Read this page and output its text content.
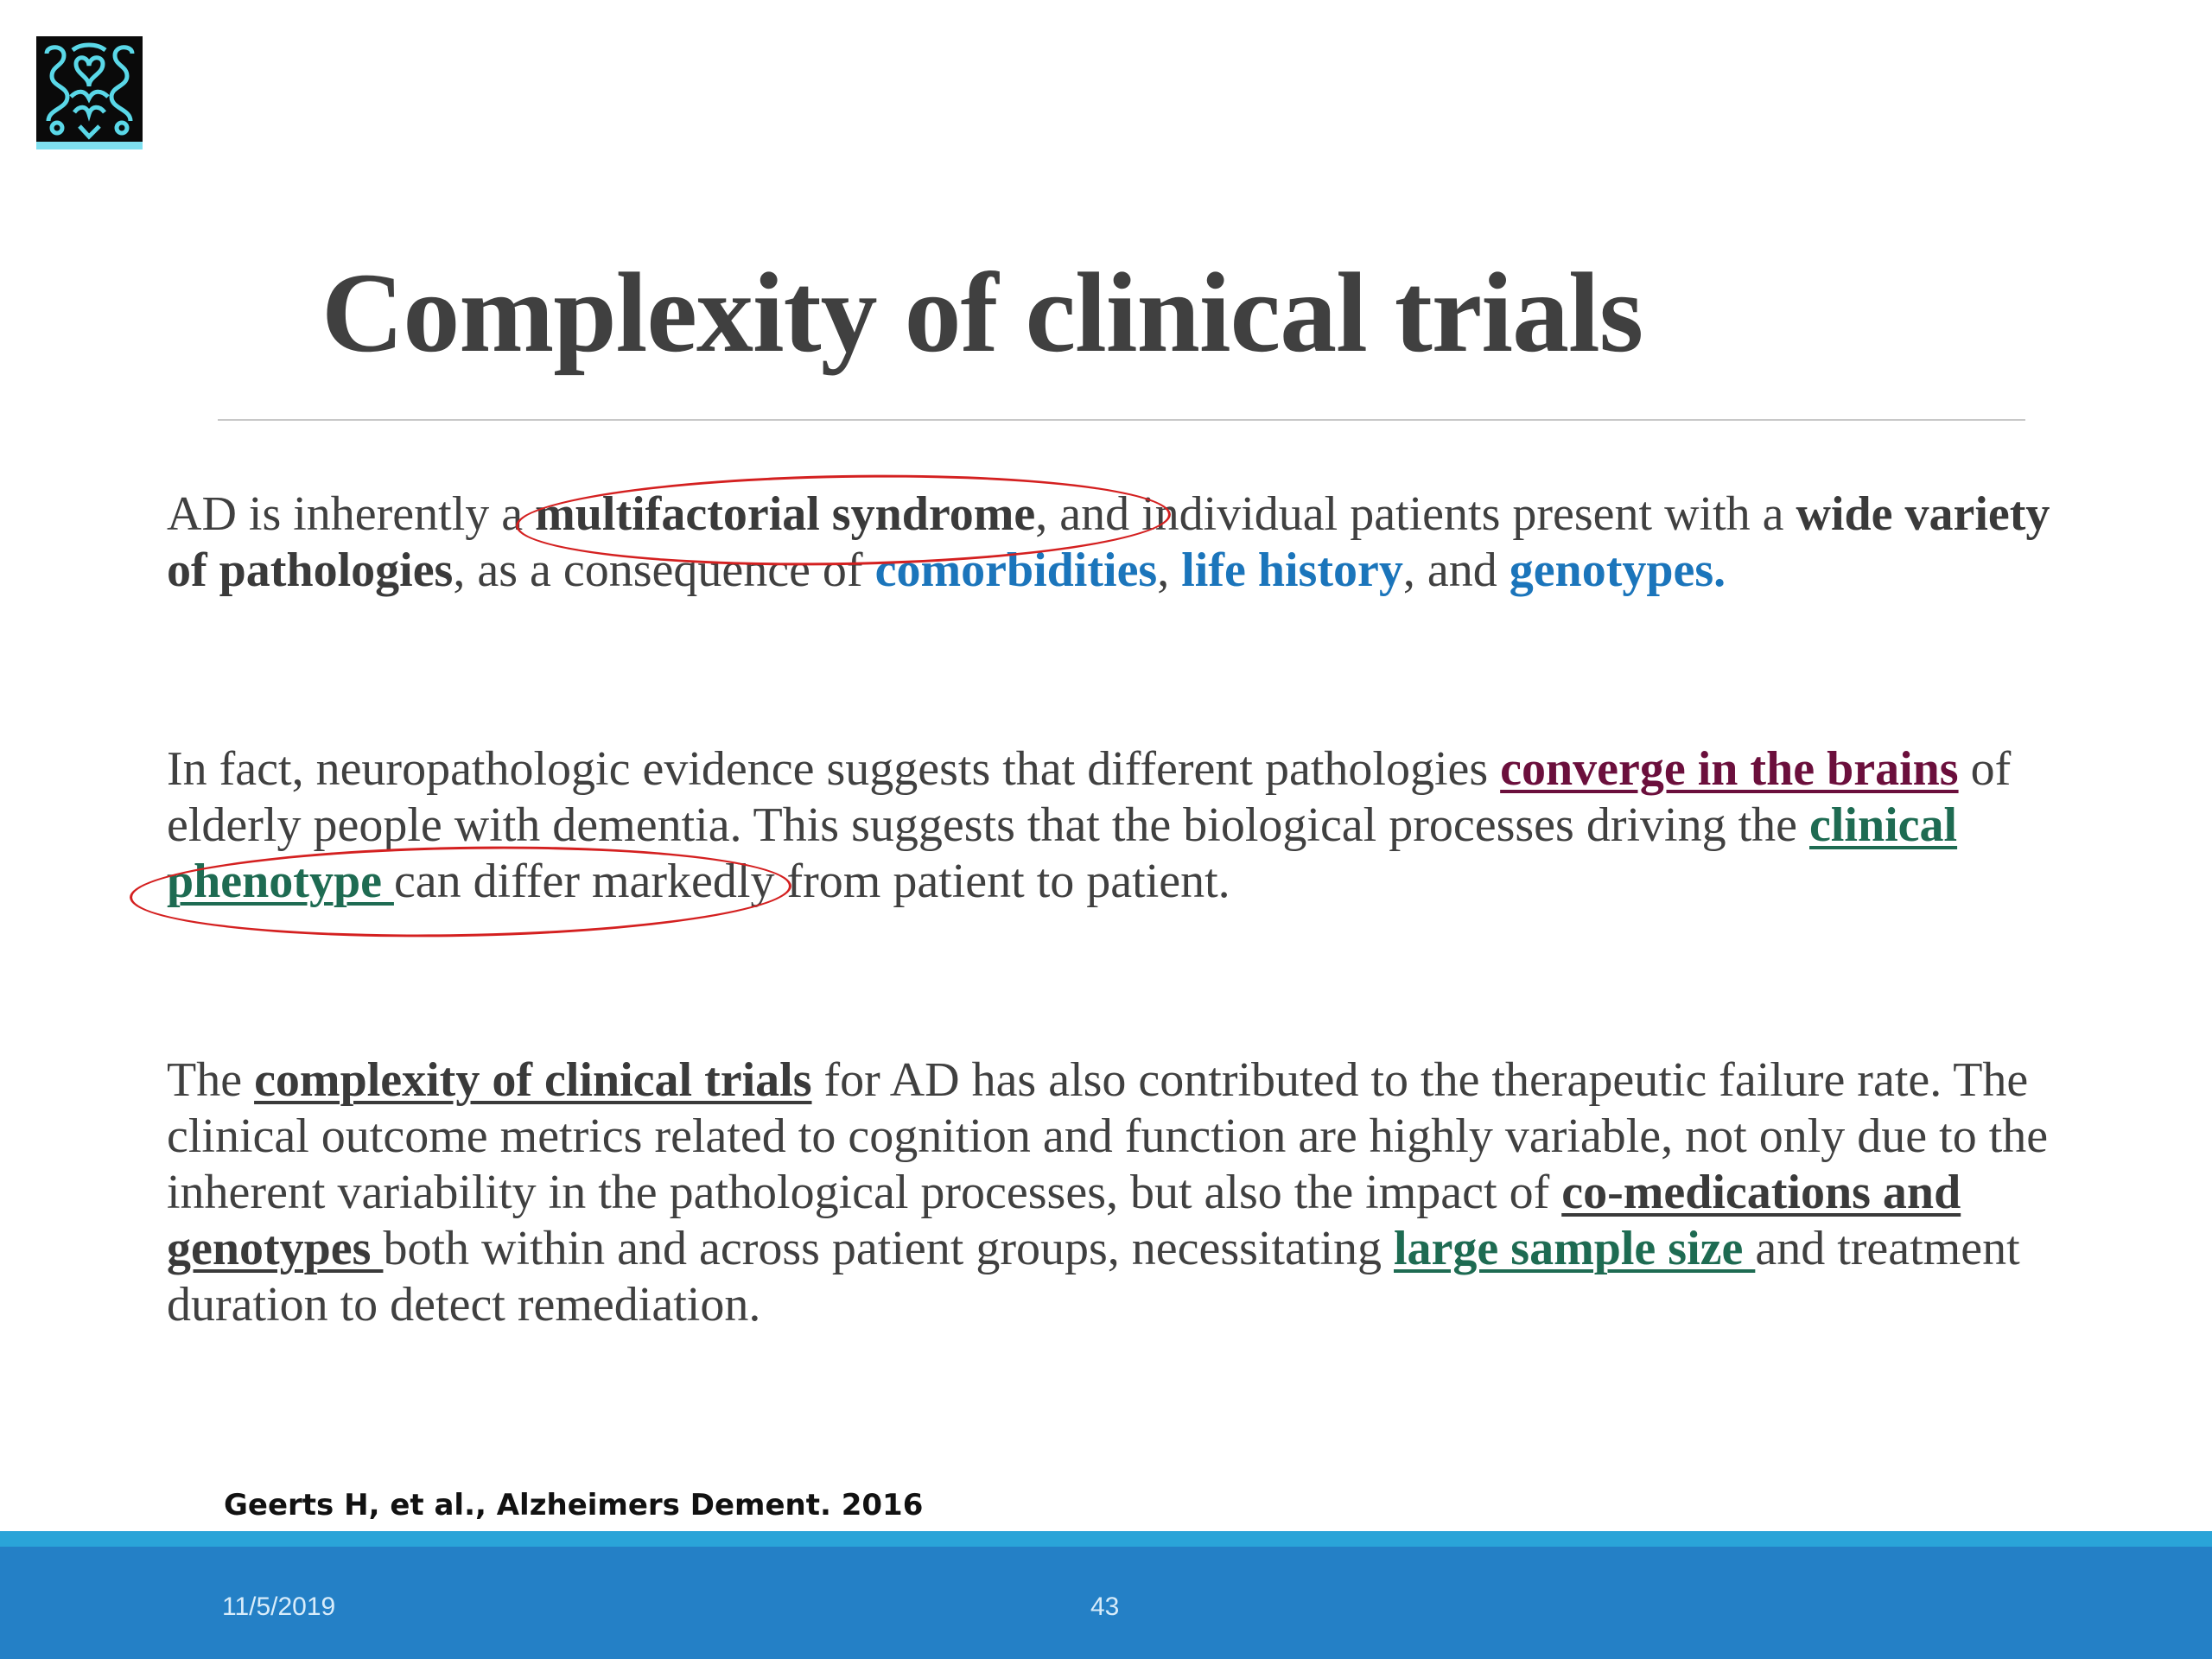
Complexity of clinical trials

AD is inherently a multifactorial syndrome, and individual patients present with a wide variety of pathologies, as a consequence of comorbidities, life history, and genotypes.

In fact, neuropathologic evidence suggests that different pathologies converge in the brains of elderly people with dementia. This suggests that the biological processes driving the clinical phenotype can differ markedly from patient to patient.

The complexity of clinical trials for AD has also contributed to the therapeutic failure rate. The clinical outcome metrics related to cognition and function are highly variable, not only due to the inherent variability in the pathological processes, but also the impact of co-medications and genotypes both within and across patient groups, necessitating large sample size and treatment duration to detect remediation.

Geerts H, et al., Alzheimers Dement. 2016

11/5/2019	43
